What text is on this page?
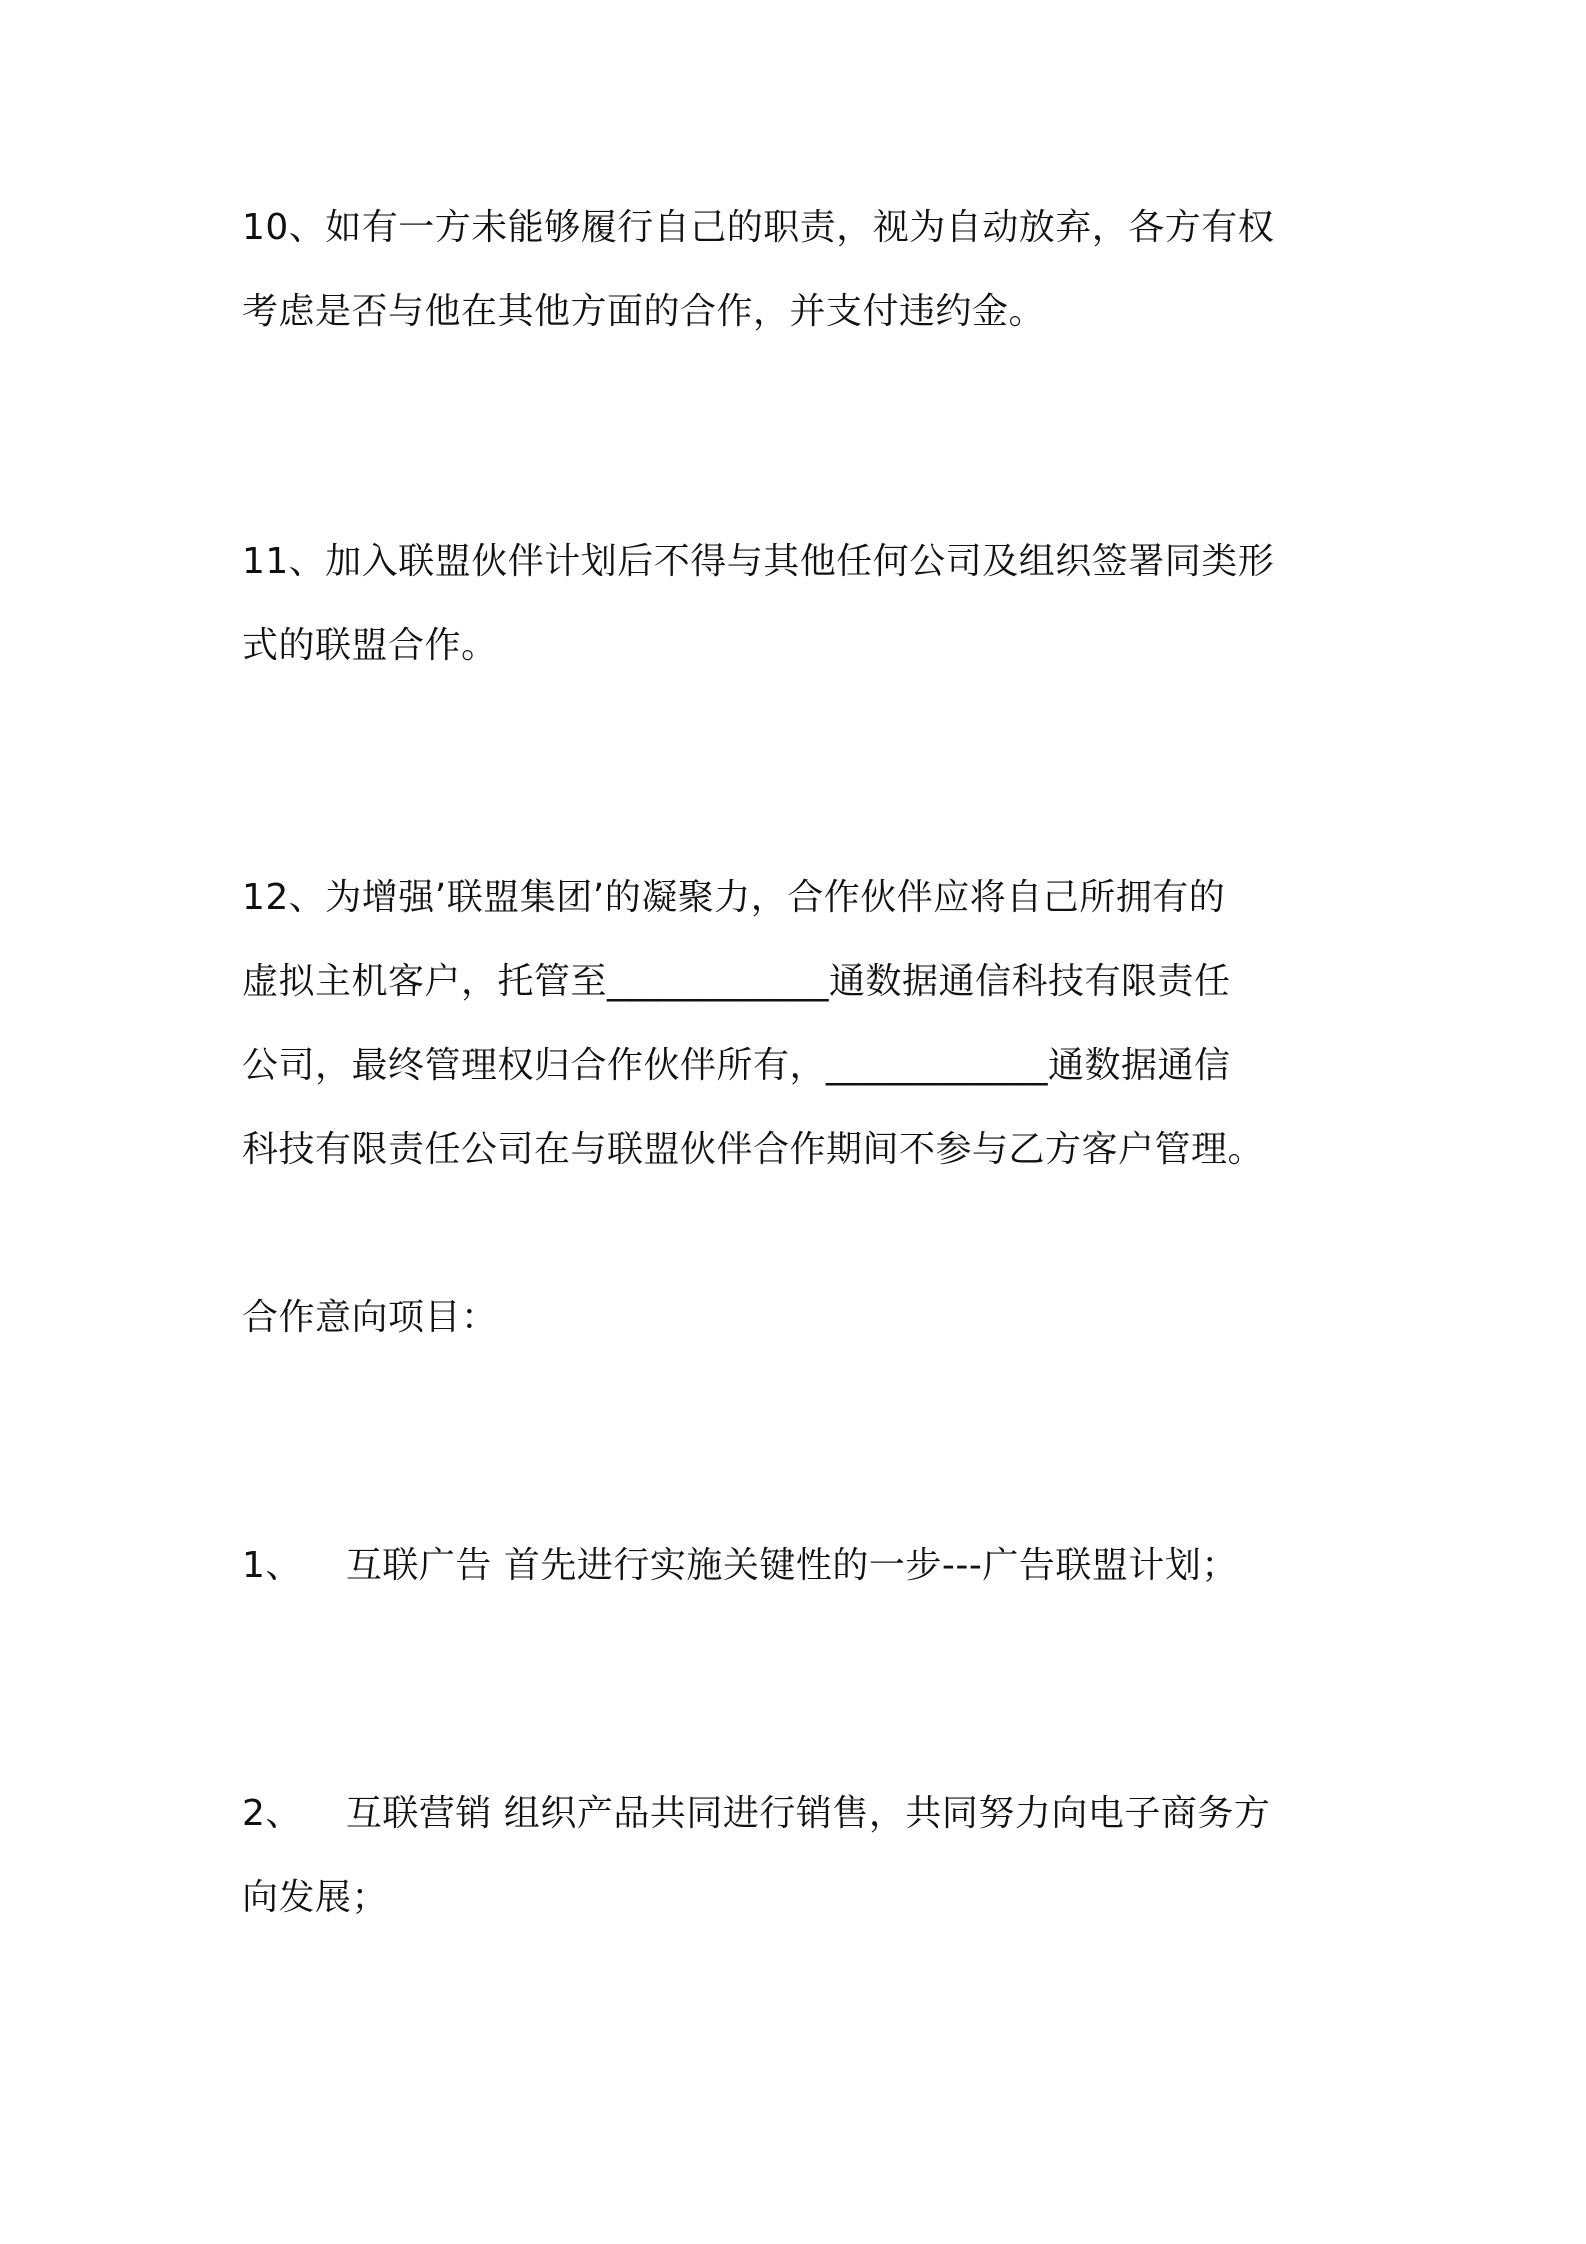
10、如有一方未能够履行自己的职责，视为自动放弃，各方有权
考虑是否与他在其他方面的合作，并支付违约金。
11、加入联盟伙伴计划后不得与其他任何公司及组织签署同类形
式的联盟合作。
12、为增强’联盟集团’的凝聚力，合作伙伴应将自己所拥有的
虚拟主机客户，托管至____________通数据通信科技有限责任
公司，最终管理权归合作伙伴所有，____________通数据通信
科技有限责任公司在与联盟伙伴合作期间不参与乙方客户管理。
合作意向项目：
1、 互联广告 首先进行实施关键性的一步---广告联盟计划；
2、 互联营销 组织产品共同进行销售，共同努力向电子商务方
向发展；
